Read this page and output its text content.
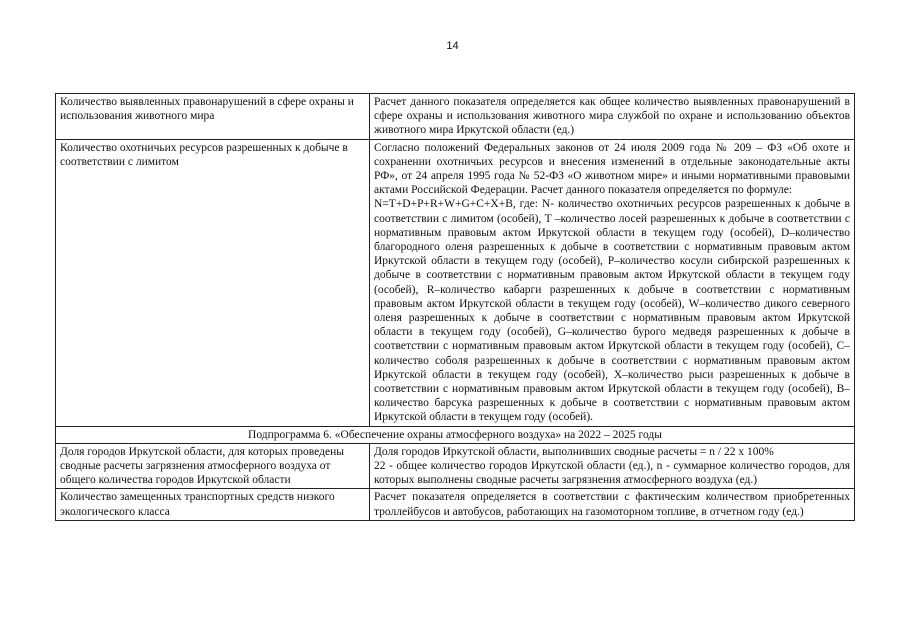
14
Количество выявленных правонарушений в сфере охраны и использования животного мира	Расчет данного показателя определяется как общее количество выявленных правонарушений в сфере охраны и использования животного мира службой по охране и использованию объектов животного мира Иркутской области (ед.)
Количество охотничьих ресурсов разрешенных к добыче в соответствии с лимитом	Согласно положений Федеральных законов от 24 июля 2009 года № 209 – ФЗ «Об охоте и сохранении охотничьих ресурсов и внесения изменений в отдельные законодательные акты РФ», от 24 апреля 1995 года № 52-ФЗ «О животном мире» и иными нормативными правовыми актами Российской Федерации. Расчет данного показателя определяется по формуле:
N=T+D+P+R+W+G+C+X+B, где: N- количество охотничьих ресурсов разрешенных к добыче в соответствии с лимитом (особей), T –количество лосей разрешенных к добыче в соответствии с нормативным правовым актом Иркутской области в текущем году (особей), D–количество благородного оленя разрешенных к добыче в соответствии с нормативным правовым актом Иркутской области в текущем году (особей), P–количество косули сибирской разрешенных к добыче в соответствии с нормативным правовым актом Иркутской области в текущем году (особей), R–количество кабарги разрешенных к добыче в соответствии с нормативным правовым актом Иркутской области в текущем году (особей), W–количество дикого северного оленя разрешенных к добыче в соответствии с нормативным правовым актом Иркутской области в текущем году (особей), G–количество бурого медведя разрешенных к добыче в соответствии с нормативным правовым актом Иркутской области в текущем году (особей), C–количество соболя разрешенных к добыче в соответствии с нормативным правовым актом Иркутской области в текущем году (особей), X–количество рыси разрешенных к добыче в соответствии с нормативным правовым актом Иркутской области в текущем году (особей), B–количество барсука разрешенных к добыче в соответствии с нормативным правовым актом Иркутской области в текущем году (особей).

Подпрограмма 6. «Обеспечение охраны атмосферного воздуха» на 2022 – 2025 годы	
Доля городов Иркутской области, для которых проведены сводные расчеты загрязнения атмосферного воздуха от общего количества городов Иркутской области	Доля городов Иркутской области, выполнивших сводные расчеты = n / 22 x 100%
22 - общее количество городов Иркутской области (ед.), n - суммарное количество городов, для которых выполнены сводные расчеты загрязнения атмосферного воздуха (ед.)

Количество замещенных транспортных средств низкого экологического класса	Расчет показателя определяется в соответствии с фактическим количеством приобретенных троллейбусов и автобусов, работающих на газомоторном топливе, в отчетном году (ед.)
